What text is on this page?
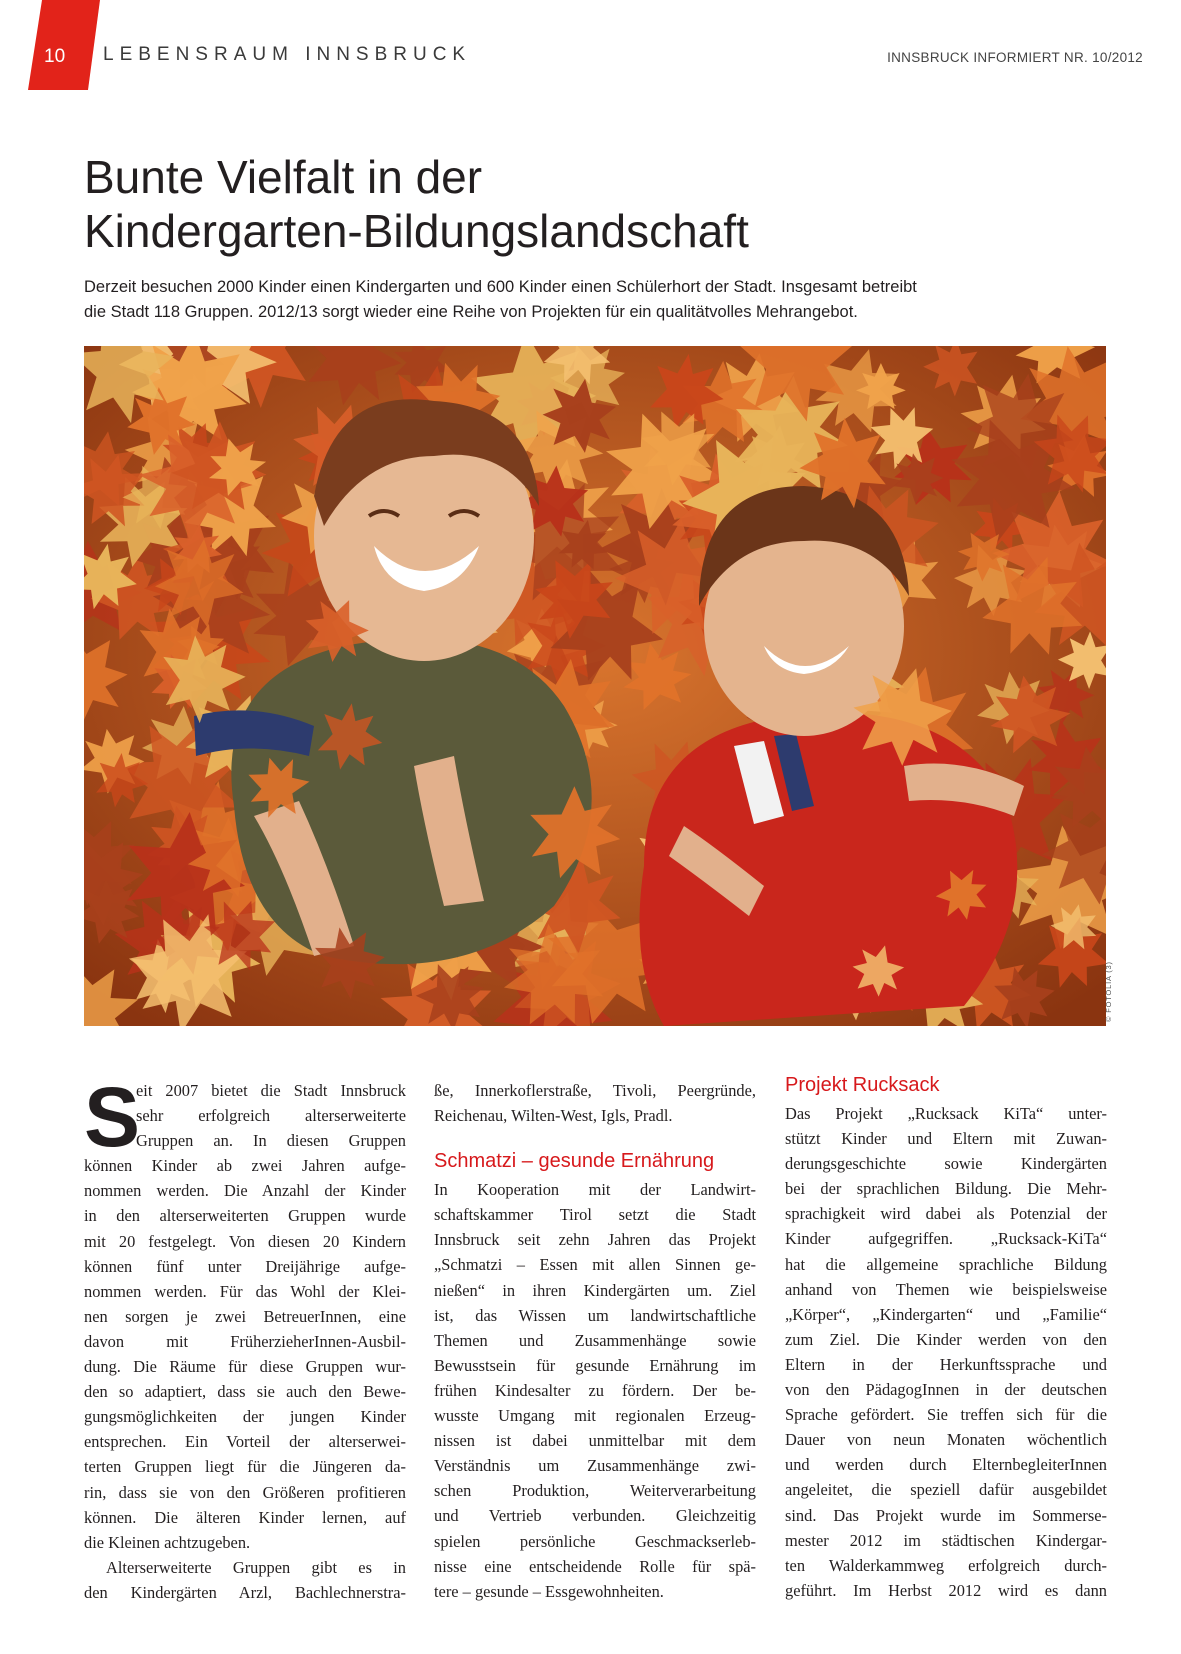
10 LEBENSRAUM INNSBRUCK	INNSBRUCK INFORMIERT NR. 10/2012
Bunte Vielfalt in der
Kindergarten-Bildungslandschaft
Derzeit besuchen 2000 Kinder einen Kindergarten und 600 Kinder einen Schülerhort der Stadt. Insgesamt betreibt
die Stadt 118 Gruppen. 2012/13 sorgt wieder eine Reihe von Projekten für ein qualitätvolles Mehrangebot.
© FOTOLIA (3)
S
eit 2007 bietet die Stadt Innsbruck
sehr erfolgreich alterserweiterte
Gruppen an. In diesen Gruppen
können Kinder ab zwei Jahren aufge-
nommen werden. Die Anzahl der Kinder
in den alterserweiterten Gruppen wurde
mit 20 festgelegt. Von diesen 20 Kindern
können fünf unter Dreijährige aufge-
nommen werden. Für das Wohl der Klei-
nen sorgen je zwei BetreuerInnen, eine
davon mit FrüherzieherInnen-Ausbil-
dung. Die Räume für diese Gruppen wur-
den so adaptiert, dass sie auch den Bewe-
gungsmöglichkeiten der jungen Kinder
entsprechen. Ein Vorteil der alterserwei-
terten Gruppen liegt für die Jüngeren da-
rin, dass sie von den Größeren profitieren
können. Die älteren Kinder lernen, auf
die Kleinen achtzugeben.
Alterserweiterte Gruppen gibt es in
den Kindergärten Arzl, Bachlechnerstra-
ße, Innerkoflerstraße, Tivoli, Peergründe,
Reichenau, Wilten-West, Igls, Pradl.
Schmatzi – gesunde Ernährung
In Kooperation mit der Landwirt-
schaftskammer Tirol setzt die Stadt
Innsbruck seit zehn Jahren das Projekt
„Schmatzi – Essen mit allen Sinnen ge-
nießen“ in ihren Kindergärten um. Ziel
ist, das Wissen um landwirtschaftliche
Themen und Zusammenhänge sowie
Bewusstsein für gesunde Ernährung im
frühen Kindesalter zu fördern. Der be-
wusste Umgang mit regionalen Erzeug-
nissen ist dabei unmittelbar mit dem
Verständnis um Zusammenhänge zwi-
schen Produktion, Weiterverarbeitung
und Vertrieb verbunden. Gleichzeitig
spielen persönliche Geschmackserleb-
nisse eine entscheidende Rolle für spä-
tere – gesunde – Essgewohnheiten.
Projekt Rucksack
Das Projekt „Rucksack KiTa“ unter-
stützt Kinder und Eltern mit Zuwan-
derungsgeschichte sowie Kindergärten
bei der sprachlichen Bildung. Die Mehr-
sprachigkeit wird dabei als Potenzial der
Kinder aufgegriffen. „Rucksack-KiTa“
hat die allgemeine sprachliche Bildung
anhand von Themen wie beispielsweise
„Körper“, „Kindergarten“ und „Familie“
zum Ziel. Die Kinder werden von den
Eltern in der Herkunftssprache und
von den PädagogInnen in der deutschen
Sprache gefördert. Sie treffen sich für die
Dauer von neun Monaten wöchentlich
und werden durch ElternbegleiterInnen
angeleitet, die speziell dafür ausgebildet
sind. Das Projekt wurde im Sommerse-
mester 2012 im städtischen Kindergar-
ten Walderkammweg erfolgreich durch-
geführt. Im Herbst 2012 wird es dann
